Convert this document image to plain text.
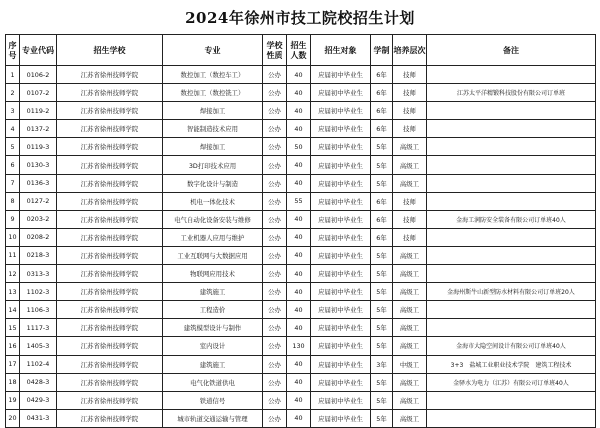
2024年徐州市技工院校招生计划
序号	专业代码	招生学校	专业	学校性质	招生人数	招生对象	学制	培养层次	备注
1	0106-2	江苏省徐州技师学院	数控加工（数控车工）	公办	40	应届初中毕业生	6年	技师	
2	0107-2	江苏省徐州技师学院	数控加工（数控铣工）	公办	40	应届初中毕业生	6年	技师	江苏太平洋精锻科技股份有限公司订单班
3	0119-2	江苏省徐州技师学院	焊接加工	公办	40	应届初中毕业生	6年	技师	
4	0137-2	江苏省徐州技师学院	智能制造技术应用	公办	40	应届初中毕业生	6年	技师	
5	0119-3	江苏省徐州技师学院	焊接加工	公办	50	应届初中毕业生	5年	高级工	
6	0130-3	江苏省徐州技师学院	3D打印技术应用	公办	40	应届初中毕业生	5年	高级工	
7	0136-3	江苏省徐州技师学院	数字化设计与制造	公办	40	应届初中毕业生	5年	高级工	
8	0127-2	江苏省徐州技师学院	机电一体化技术	公办	55	应届初中毕业生	6年	技师	
9	0203-2	江苏省徐州技师学院	电气自动化设备安装与维修	公办	40	应届初中毕业生	6年	技师	金海工润防安全装备有限公司订单班40人
10	0208-2	江苏省徐州技师学院	工业机器人应用与维护	公办	40	应届初中毕业生	6年	技师	
11	0218-3	江苏省徐州技师学院	工业互联网与大数据应用	公办	40	应届初中毕业生	5年	高级工	
12	0313-3	江苏省徐州技师学院	物联网应用技术	公办	40	应届初中毕业生	5年	高级工	
13	1102-3	江苏省徐州技师学院	建筑施工	公办	40	应届初中毕业生	5年	高级工	金海州斯牛山新型防水材料有限公司订单班20人
14	1106-3	江苏省徐州技师学院	工程造价	公办	40	应届初中毕业生	5年	高级工	
15	1117-3	江苏省徐州技师学院	建筑模型设计与制作	公办	40	应届初中毕业生	5年	高级工	
16	1405-3	江苏省徐州技师学院	室内设计	公办	130	应届初中毕业生	5年	高级工	金海市大隐空间设计有限公司订单班40人
17	1102-4	江苏省徐州技师学院	建筑施工	公办	40	应届初中毕业生	3年	中级工	3+3　盐城工业职业技术学院　建筑工程技术
18	0428-3	江苏省徐州技师学院	电气化铁道供电	公办	40	应届初中毕业生	5年	高级工	金驿水为电力（江苏）有限公司订单班40人
19	0429-3	江苏省徐州技师学院	铁道信号	公办	40	应届初中毕业生	5年	高级工	
20	0431-3	江苏省徐州技师学院	城市轨道交通运输与管理	公办	40	应届初中毕业生	5年	高级工	
